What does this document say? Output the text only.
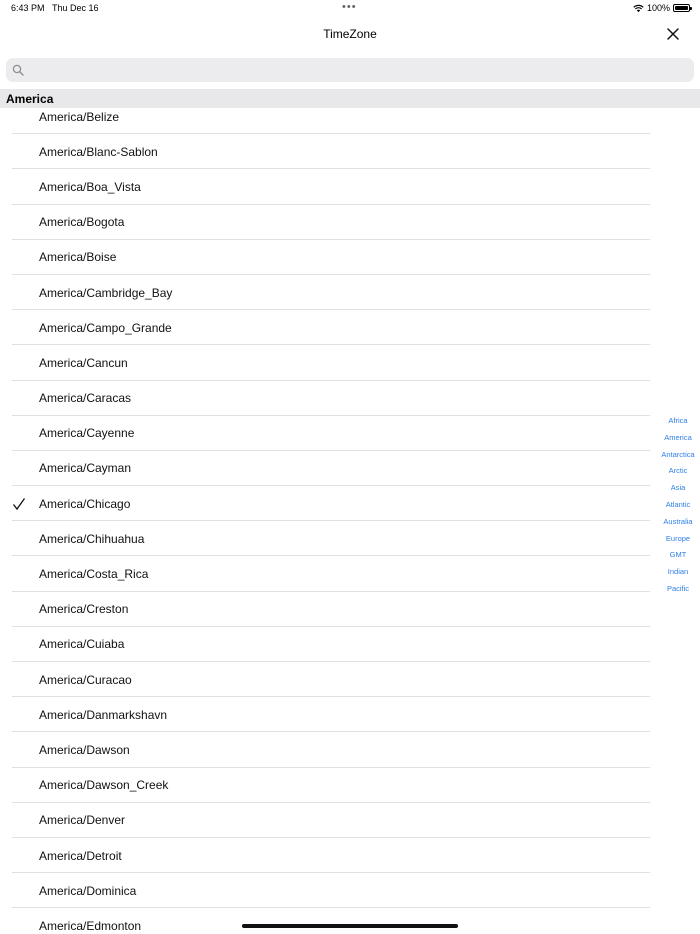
6:43 PM Thu Dec 16	•••	100%
TimeZone
America/Belize
America/Blanc-Sablon
America/Boa_Vista
America/Bogota
America/Boise
America/Cambridge_Bay
America/Campo_Grande
America/Cancun
America/Caracas
America/Cayenne
America/Cayman
America/Chicago
America/Chihuahua
America/Costa_Rica
America/Creston
America/Cuiaba
America/Curacao
America/Danmarkshavn
America/Dawson
America/Dawson_Creek
America/Denver
America/Detroit
America/Dominica
America/Edmonton
America
Africa
America
Antarctica
Arctic
Asia
Atlantic
Australia
Europe
GMT
Indian
Pacific
